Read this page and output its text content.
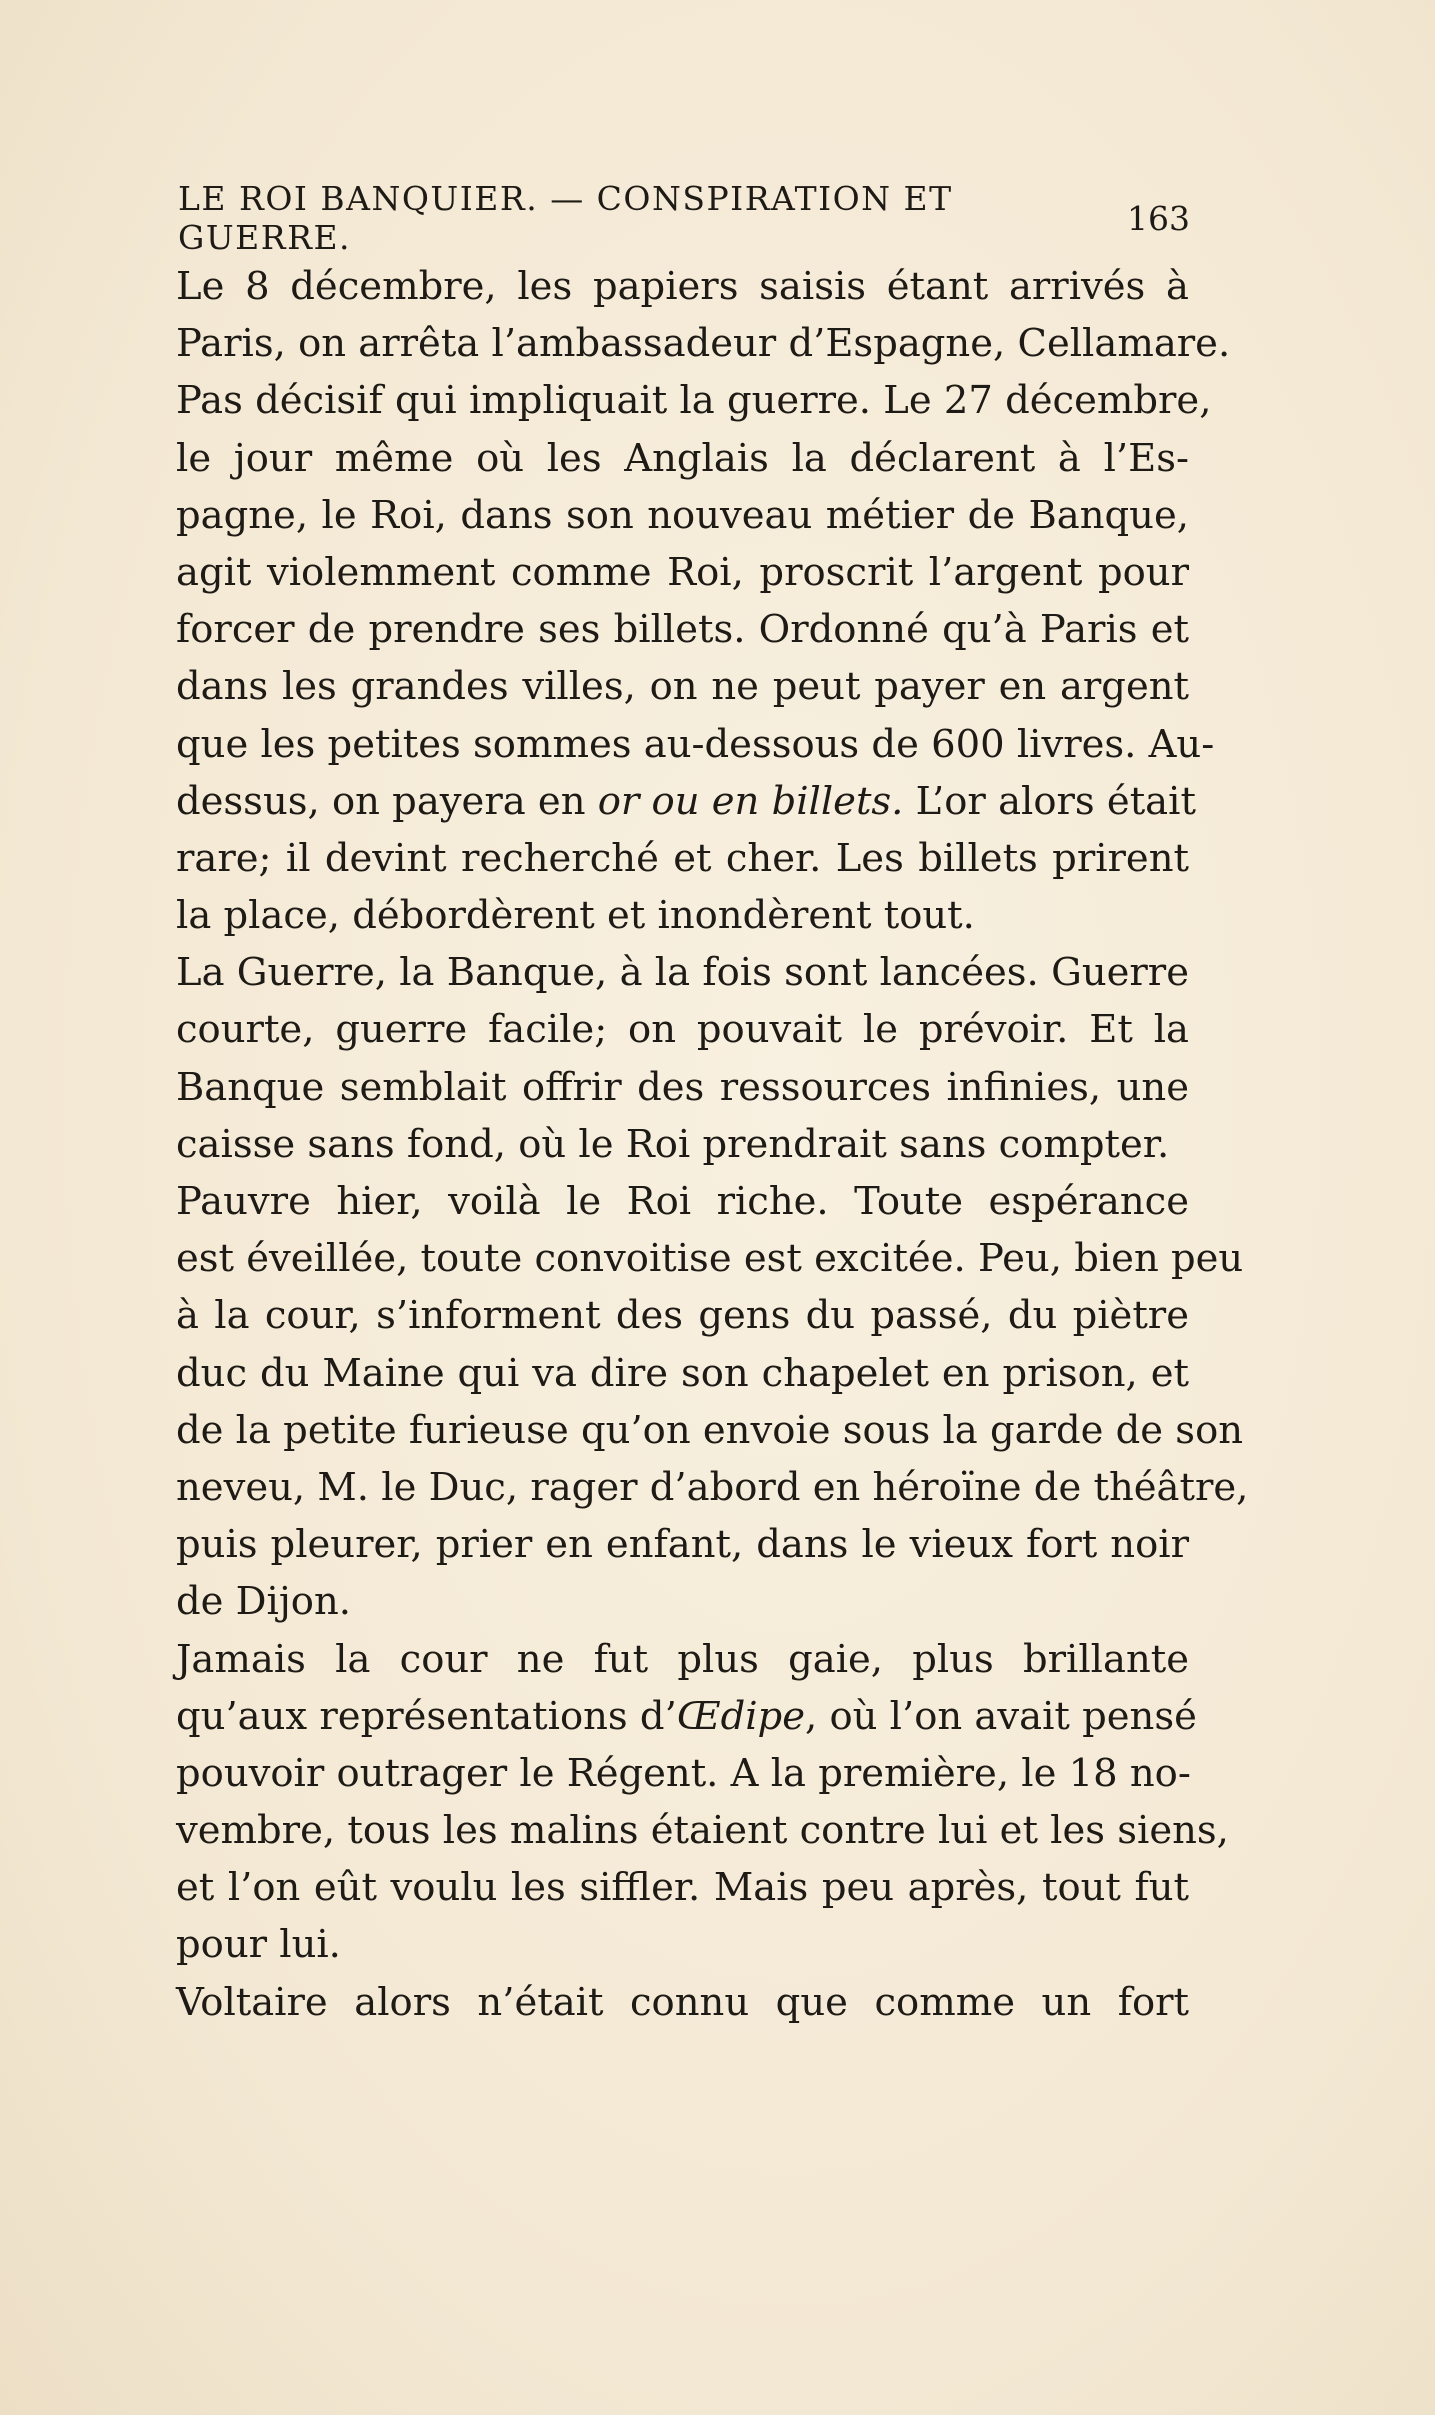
LE ROI BANQUIER. — CONSPIRATION ET GUERRE.	163

Le 8 décembre, les papiers saisis étant arrivés à
Paris, on arrêta l’ambassadeur d’Espagne, Cellamare.
Pas décisif qui impliquait la guerre. Le 27 décembre,
le jour même où les Anglais la déclarent à l’Es-
pagne, le Roi, dans son nouveau métier de Banque,
agit violemment comme Roi, proscrit l’argent pour
forcer de prendre ses billets. Ordonné qu’à Paris et
dans les grandes villes, on ne peut payer en argent
que les petites sommes au-dessous de 600 livres. Au-
dessus, on payera en or ou en billets. L’or alors était
rare; il devint recherché et cher. Les billets prirent
la place, débordèrent et inondèrent tout.

La Guerre, la Banque, à la fois sont lancées. Guerre
courte, guerre facile; on pouvait le prévoir. Et la
Banque semblait offrir des ressources infinies, une
caisse sans fond, où le Roi prendrait sans compter.

Pauvre hier, voilà le Roi riche. Toute espérance
est éveillée, toute convoitise est excitée. Peu, bien peu
à la cour, s’informent des gens du passé, du piètre
duc du Maine qui va dire son chapelet en prison, et
de la petite furieuse qu’on envoie sous la garde de son
neveu, M. le Duc, rager d’abord en héroïne de théâtre,
puis pleurer, prier en enfant, dans le vieux fort noir
de Dijon.

Jamais la cour ne fut plus gaie, plus brillante
qu’aux représentations d’Œdipe, où l’on avait pensé
pouvoir outrager le Régent. A la première, le 18 no-
vembre, tous les malins étaient contre lui et les siens,
et l’on eût voulu les siffler. Mais peu après, tout fut
pour lui.

Voltaire alors n’était connu que comme un fort
